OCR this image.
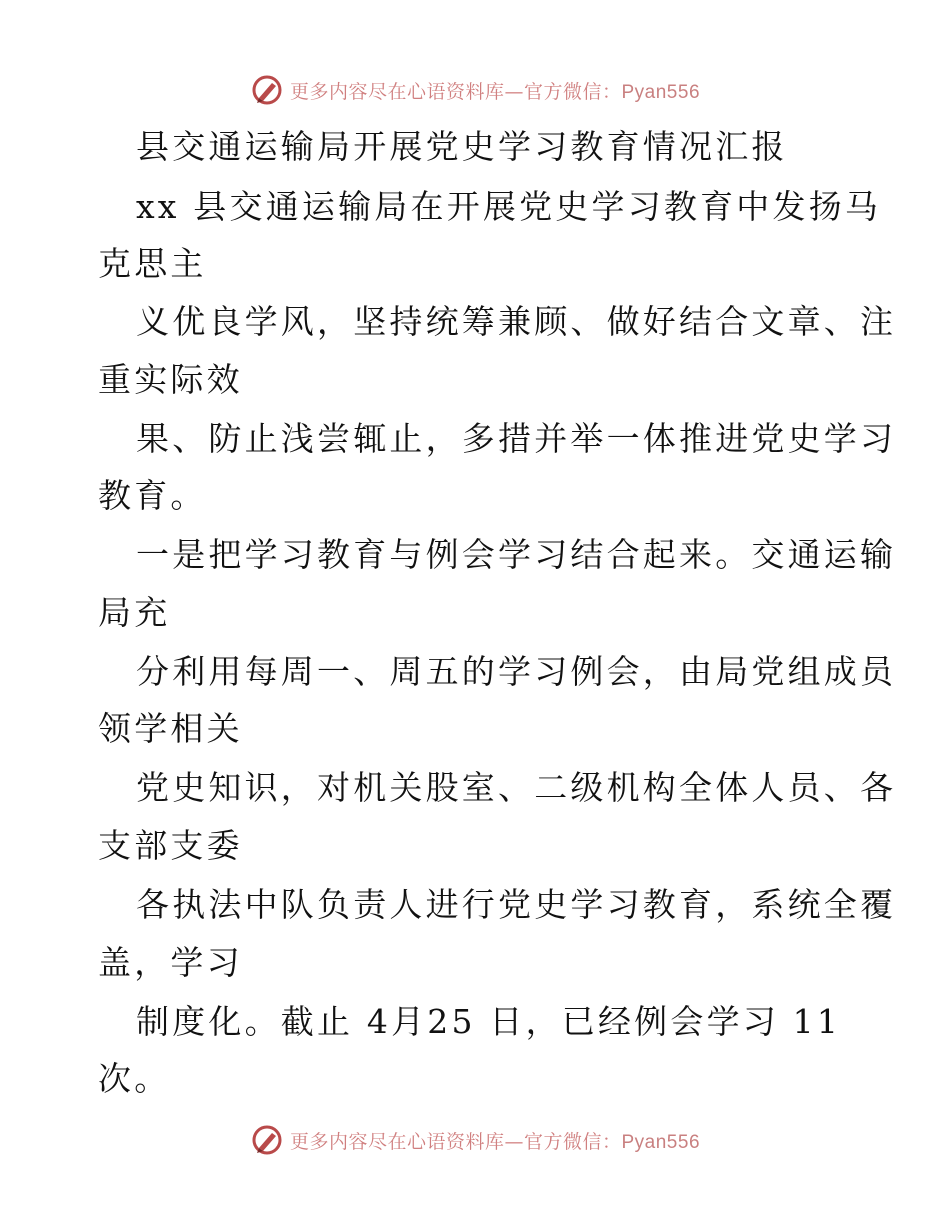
更多内容尽在心语资料库—官方微信：Pyan556
县交通运输局开展党史学习教育情况汇报
xx 县交通运输局在开展党史学习教育中发扬马
克思主
义优良学风，坚持统筹兼顾、做好结合文章、注
重实际效
果、防止浅尝辄止，多措并举一体推进党史学习
教育。
一是把学习教育与例会学习结合起来。交通运输
局充
分利用每周一、周五的学习例会，由局党组成员
领学相关
党史知识，对机关股室、二级机构全体人员、各
支部支委
各执法中队负责人进行党史学习教育，系统全覆
盖，学习
制度化。截止 4月25 日，已经例会学习 11
次。
更多内容尽在心语资料库—官方微信：Pyan556
